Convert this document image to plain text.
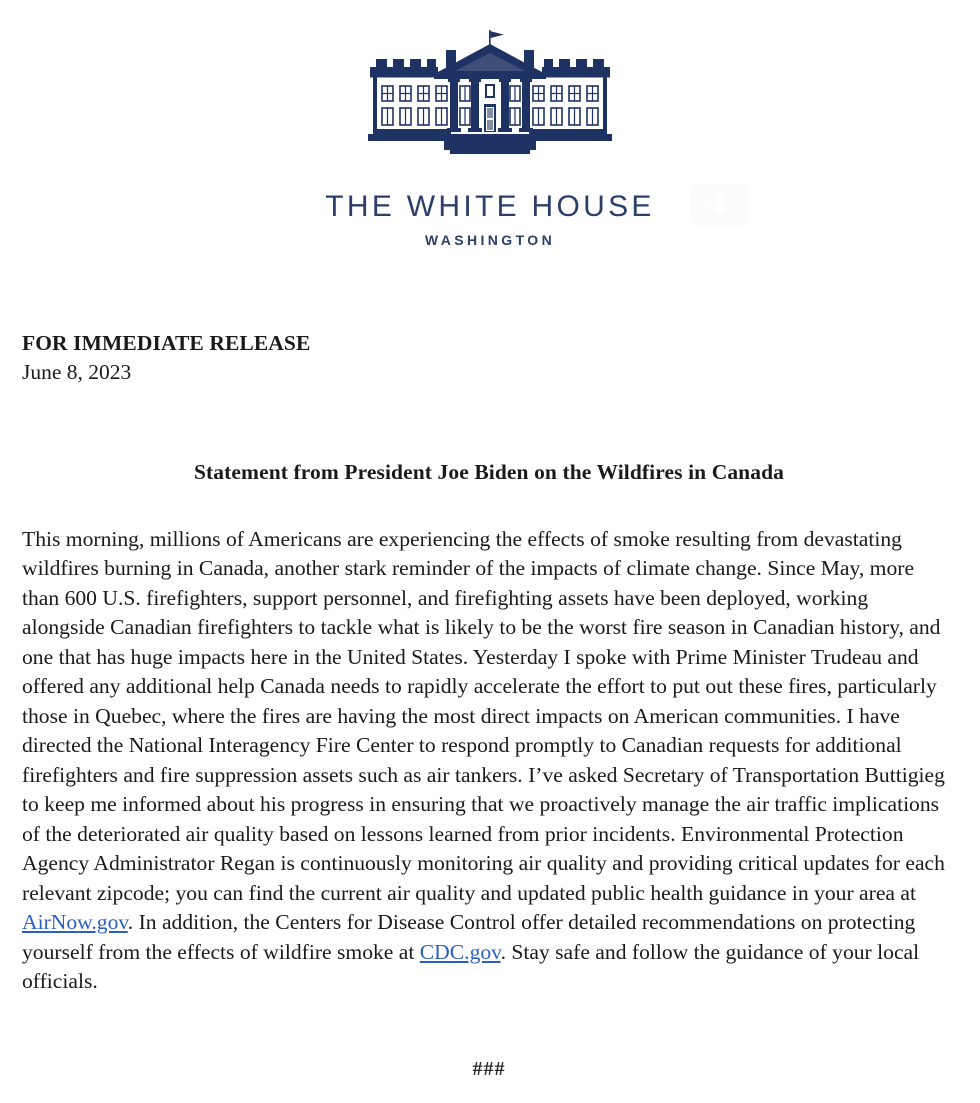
THE WHITE HOUSE
WASHINGTON
FOR IMMEDIATE RELEASE
June 8, 2023
Statement from President Joe Biden on the Wildfires in Canada

This morning, millions of Americans are experiencing the effects of smoke resulting from devastating wildfires burning in Canada, another stark reminder of the impacts of climate change. Since May, more than 600 U.S. firefighters, support personnel, and firefighting assets have been deployed, working alongside Canadian firefighters to tackle what is likely to be the worst fire season in Canadian history, and one that has huge impacts here in the United States. Yesterday I spoke with Prime Minister Trudeau and offered any additional help Canada needs to rapidly accelerate the effort to put out these fires, particularly those in Quebec, where the fires are having the most direct impacts on American communities. I have directed the National Interagency Fire Center to respond promptly to Canadian requests for additional firefighters and fire suppression assets such as air tankers. I’ve asked Secretary of Transportation Buttigieg to keep me informed about his progress in ensuring that we proactively manage the air traffic implications of the deteriorated air quality based on lessons learned from prior incidents. Environmental Protection Agency Administrator Regan is continuously monitoring air quality and providing critical updates for each relevant zipcode; you can find the current air quality and updated public health guidance in your area at AirNow.gov. In addition, the Centers for Disease Control offer detailed recommendations on protecting yourself from the effects of wildfire smoke at CDC.gov. Stay safe and follow the guidance of your local officials.

###
